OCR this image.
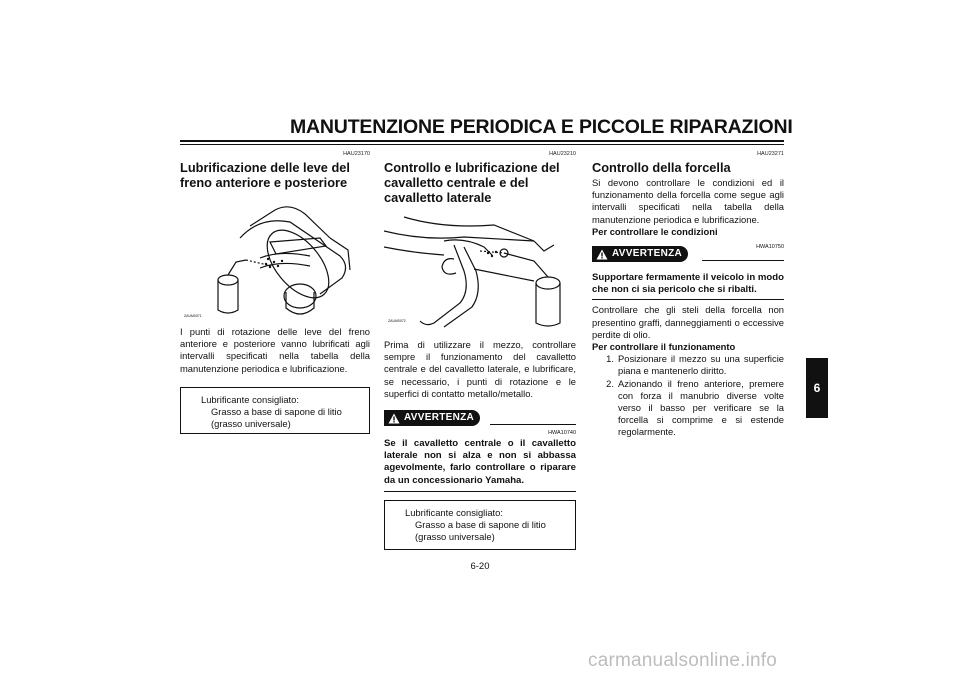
MANUTENZIONE PERIODICA E PICCOLE RIPARAZIONI
HAU23170
Lubrificazione delle leve del
freno anteriore e posteriore
ZAUM0071
I punti di rotazione delle leve del freno anteriore e posteriore vanno lubrificati agli intervalli specificati nella tabella della manutenzione periodica e lubrificazione.
Lubrificante consigliato:
Grasso a base di sapone di litio
(grasso universale)
HAU23210
Controllo e lubrificazione del
cavalletto centrale e del
cavalletto laterale
ZAUM0072
Prima di utilizzare il mezzo, controllare sempre il funzionamento del cavalletto centrale e del cavalletto laterale, e lubrificare, se necessario, i punti di rotazione e le superfici di contatto metallo/metallo.
AVVERTENZA
HWA10740
Se il cavalletto centrale o il cavalletto laterale non si alza e non si abbassa agevolmente, farlo controllare o riparare da un concessionario Yamaha.
Lubrificante consigliato:
Grasso a base di sapone di litio
(grasso universale)
HAU23271
Controllo della forcella
Si devono controllare le condizioni ed il funzionamento della forcella come segue agli intervalli specificati nella tabella della manutenzione periodica e lubrificazione.
Per controllare le condizioni
AVVERTENZA
HWA10750
Supportare fermamente il veicolo in modo che non ci sia pericolo che si ribalti.
Controllare che gli steli della forcella non presentino graffi, danneggiamenti o eccessive perdite di olio.
Per controllare il funzionamento
1. Posizionare il mezzo su una superficie piana e mantenerlo diritto.
2. Azionando il freno anteriore, premere con forza il manubrio diverse volte verso il basso per verificare se la forcella si comprime e si estende regolarmente.
6
6-20
carmanualsonline.info
